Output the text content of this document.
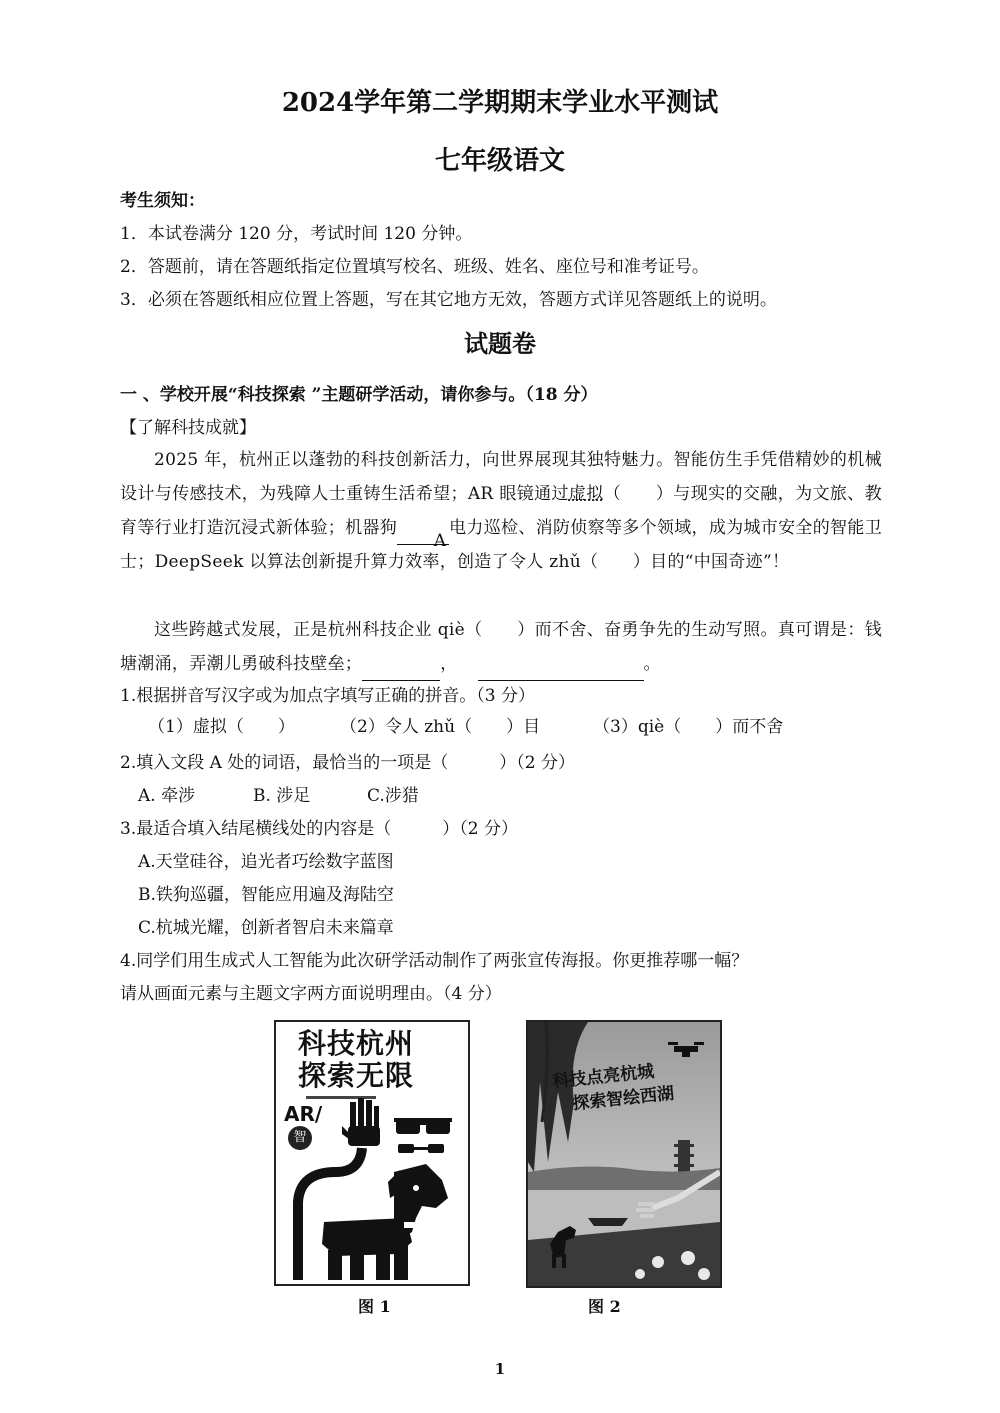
2024学年第二学期期末学业水平测试
七年级语文
考生须知：
1．本试卷满分 120 分，考试时间 120 分钟。
2．答题前，请在答题纸指定位置填写校名、班级、姓名、座位号和准考证号。
3．必须在答题纸相应位置上答题，写在其它地方无效，答题方式详见答题纸上的说明。
试题卷
一 、学校开展“科技探索 ”主题研学活动，请你参与。（18 分）
【了解科技成就】
2025 年，杭州正以蓬勃的科技创新活力，向世界展现其独特魅力。智能仿生手凭借精妙的机械设计与传感技术，为残障人士重铸生活希望；AR 眼镜通过虚拟（　　）与现实的交融，为文旅、教育等行业打造沉浸式新体验；机器狗A电力巡检、消防侦察等多个领域，成为城市安全的智能卫士；DeepSeek 以算法创新提升算力效率，创造了令人 zhǔ（　　）目的“中国奇迹”！
这些跨越式发展，正是杭州科技企业 qiè（　　）而不舍、奋勇争先的生动写照。真可谓是：钱塘潮涌，弄潮儿勇破科技壁垒；	，	。
1.根据拼音写汉字或为加点字填写正确的拼音。（3 分）
（1）虚拟（　　）	（2）令人 zhǔ（　　）目	（3）qiè（　　）而不舍
2.填入文段 A 处的词语，最恰当的一项是（　　　）（2 分）
A. 牵涉	B. 涉足	C.涉猎
3.最适合填入结尾横线处的内容是（　　　）（2 分）
A.天堂硅谷，追光者巧绘数字蓝图
B.铁狗巡疆，智能应用遍及海陆空
C.杭城光耀，创新者智启未来篇章
4.同学们用生成式人工智能为此次研学活动制作了两张宣传海报。你更推荐哪一幅？
请从画面元素与主题文字两方面说明理由。（4 分）
科技杭州
探索无限
AR/
智
图 1
科技点亮杭城
探索智绘西湖
图 2
1
